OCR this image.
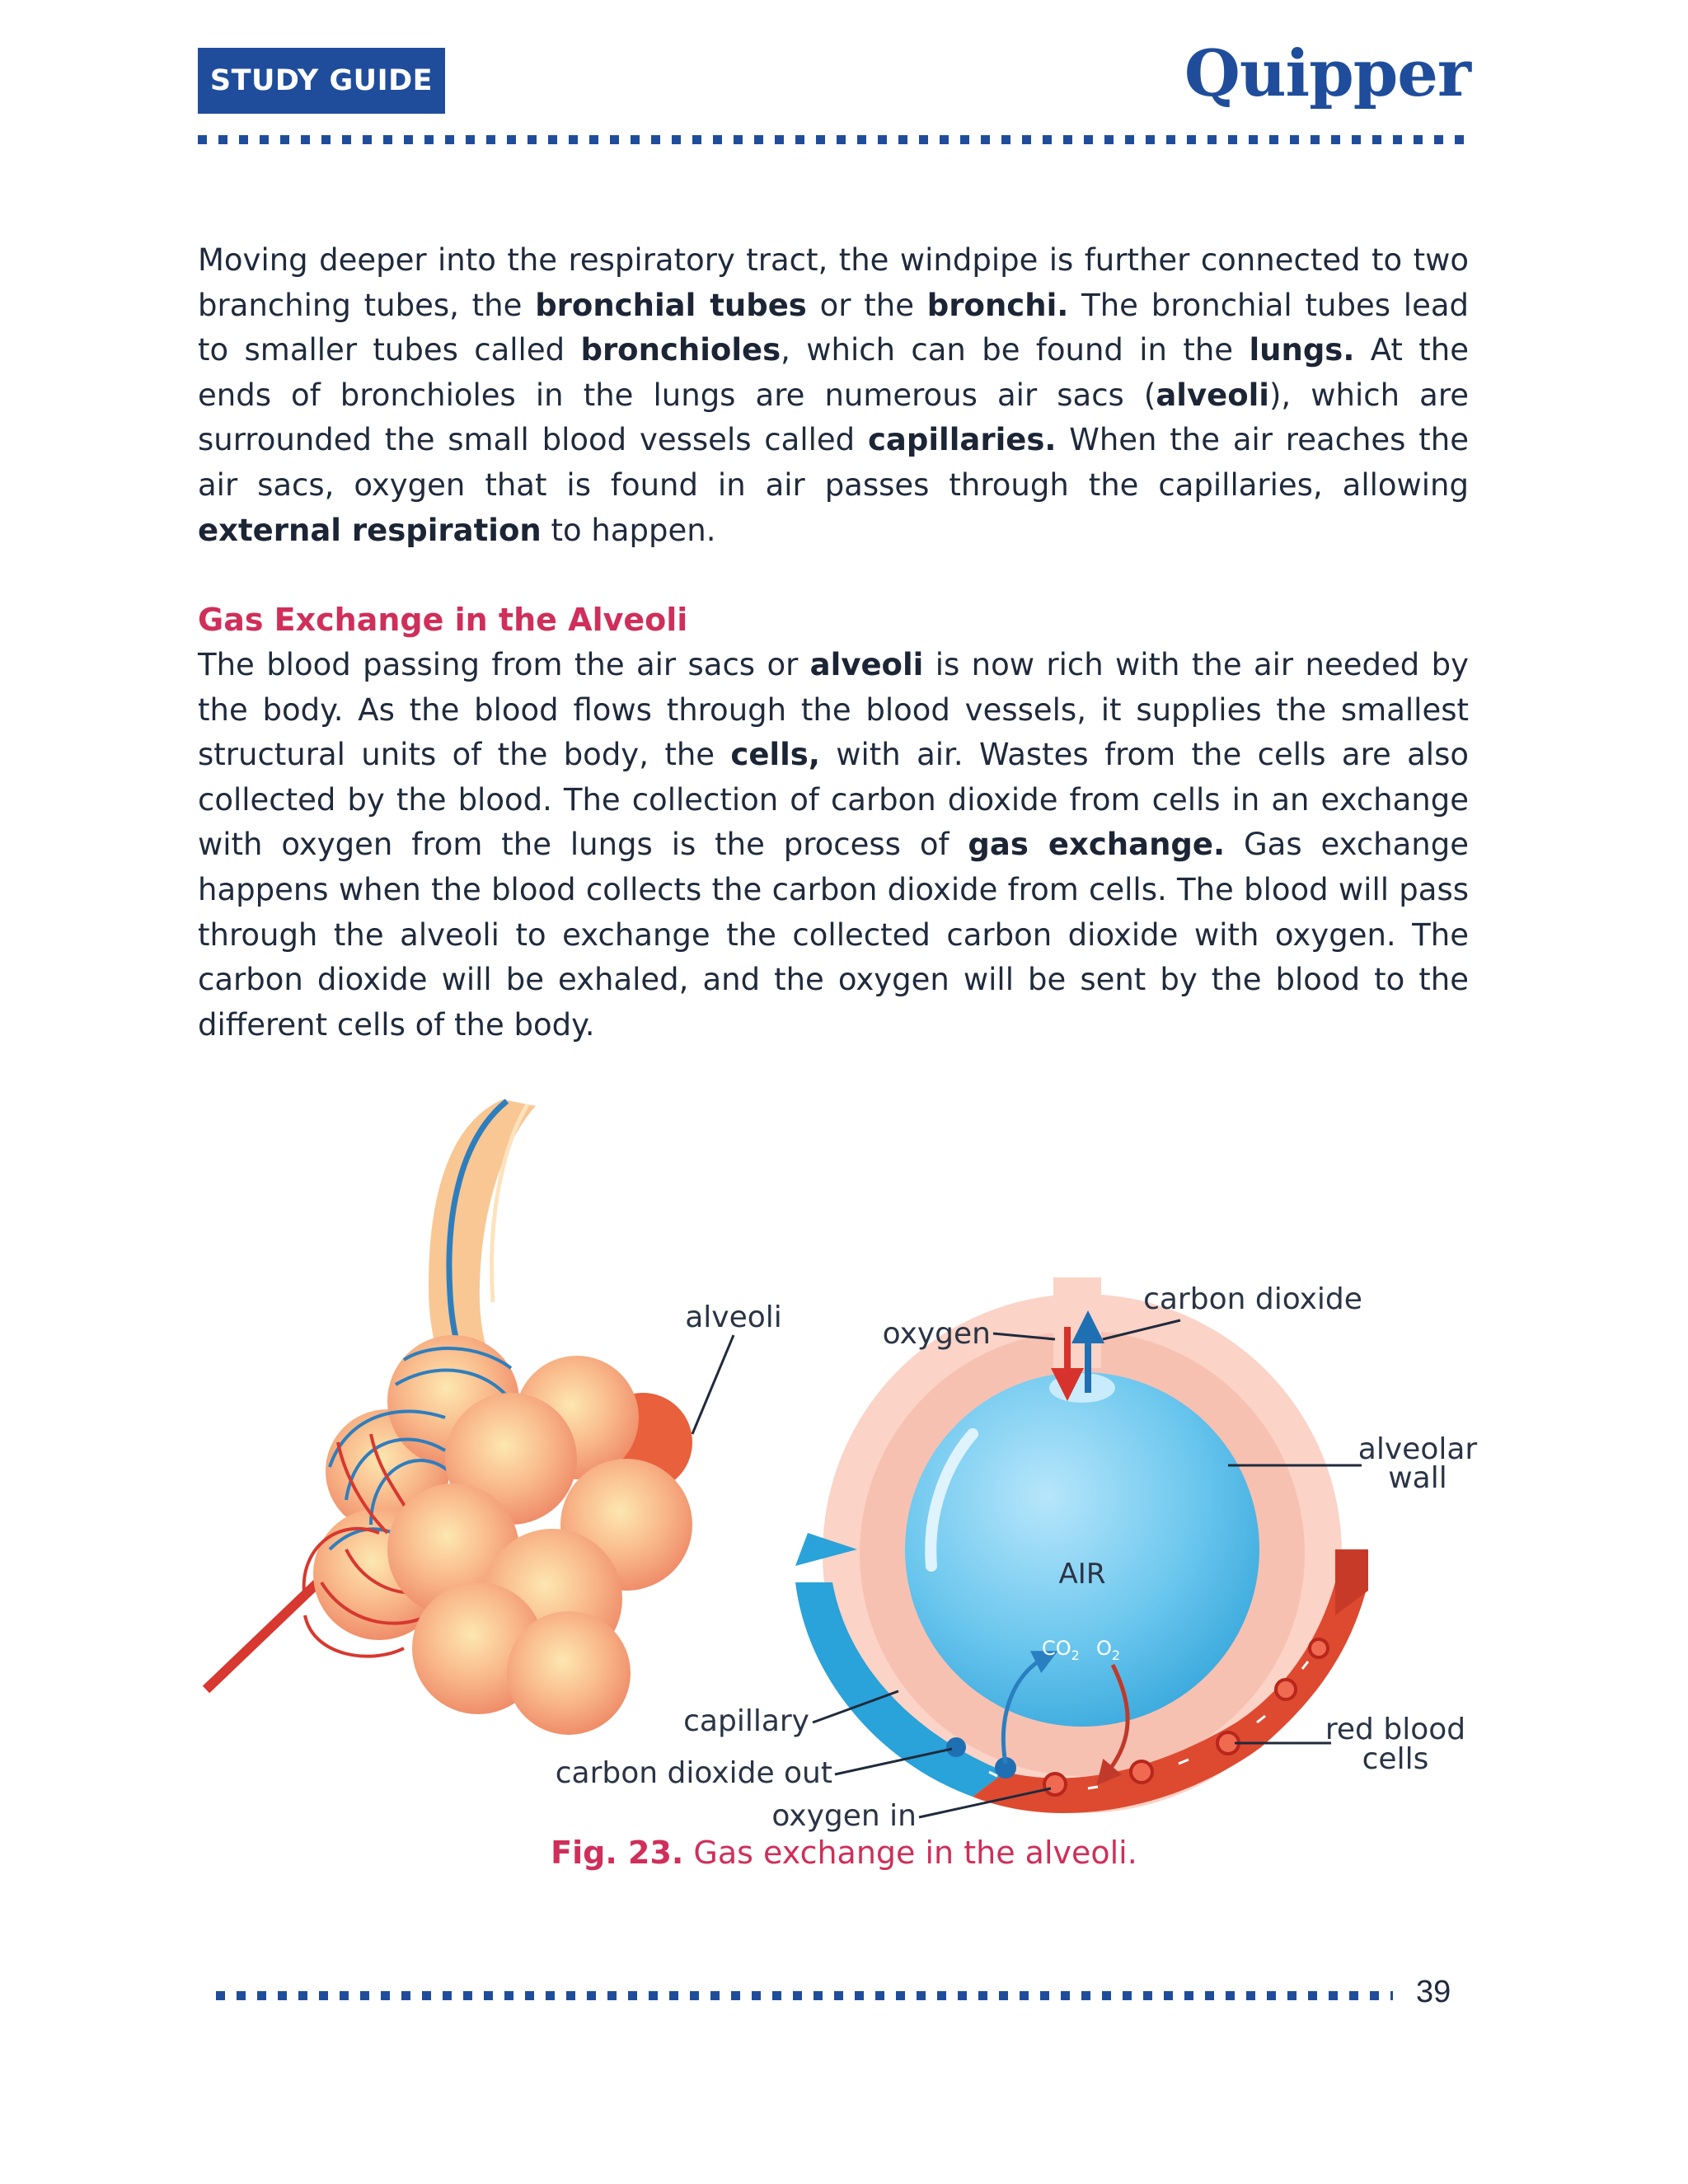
STUDY GUIDE	Quipper
Moving deeper into the respiratory tract, the windpipe is further connected to two branching tubes, the bronchial tubes or the bronchi. The bronchial tubes lead to smaller tubes called bronchioles, which can be found in the lungs. At the ends of bronchioles in the lungs are numerous air sacs (alveoli), which are surrounded the small blood vessels called capillaries. When the air reaches the air sacs, oxygen that is found in air passes through the capillaries, allowing external respiration to happen.
Gas Exchange in the Alveoli
The blood passing from the air sacs or alveoli is now rich with the air needed by the body. As the blood flows through the blood vessels, it supplies the smallest structural units of the body, the cells, with air. Wastes from the cells are also collected by the blood. The collection of carbon dioxide from cells in an exchange with oxygen from the lungs is the process of gas exchange. Gas exchange happens when the blood collects the carbon dioxide from cells. The blood will pass through the alveoli to exchange the collected carbon dioxide with oxygen. The carbon dioxide will be exhaled, and the oxygen will be sent by the blood to the different cells of the body.
alveoli
AIR
$CO_2$ $O_2$
oxygen
carbon dioxide
alveolar
wall
capillary
carbon dioxide out
oxygen in
red blood
cells
Fig. 23. Gas exchange in the alveoli.
39
